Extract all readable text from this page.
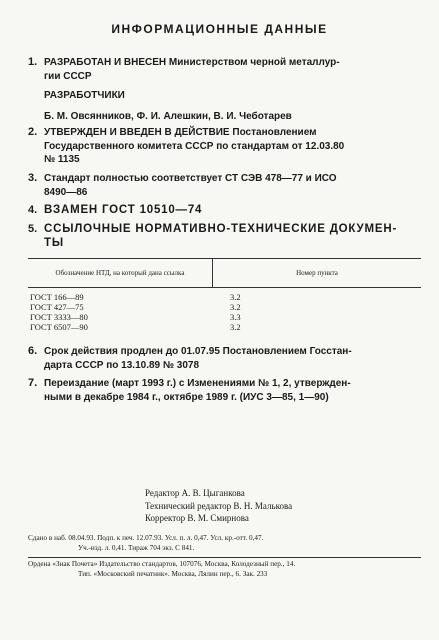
ИНФОРМАЦИОННЫЕ ДАННЫЕ
1. РАЗРАБОТАН И ВНЕСЕН Министерством черной металлур-
гии СССР
РАЗРАБОТЧИКИ
Б. М. Овсянников, Ф. И. Алешкин, В. И. Чеботарев
2. УТВЕРЖДЕН И ВВЕДЕН В ДЕЙСТВИЕ Постановлением
Государственного комитета СССР по стандартам от 12.03.80
№ 1135
3. Стандарт полностью соответствует СТ СЭВ 478—77 и ИСО
8490—86
4. ВЗАМЕН ГОСТ 10510—74
5. ССЫЛОЧНЫЕ НОРМАТИВНО-ТЕХНИЧЕСКИЕ ДОКУМЕН-
ТЫ
Обозначение НТД, на который дана ссылка	Номер пункта
ГОСТ 166—89	3.2
ГОСТ 427—75	3.2
ГОСТ 3333—80	3.3
ГОСТ 6507—90	3.2
6. Срок действия продлен до 01.07.95 Постановлением Госстан-
дарта СССР по 13.10.89 № 3078
7. Переиздание (март 1993 г.) с Изменениями № 1, 2, утвержден-
ными в декабре 1984 г., октябре 1989 г. (ИУС 3—85, 1—90)
Редактор А. В. Цыганкова
Технический редактор В. Н. Малькова
Корректор В. М. Смирнова
Сдано в наб. 08.04.93. Подп. к печ. 12.07.93. Усл. п. л. 0,47. Усл. кр.-отт. 0,47.
Уч.-изд. л. 0,41. Тираж 704 экз. С 841.
Ордена «Знак Почета» Издательство стандартов, 107076, Москва, Колодезный пер., 14.
Тип. «Московский печатник». Москва, Лялин пер., 6. Зак. 233
